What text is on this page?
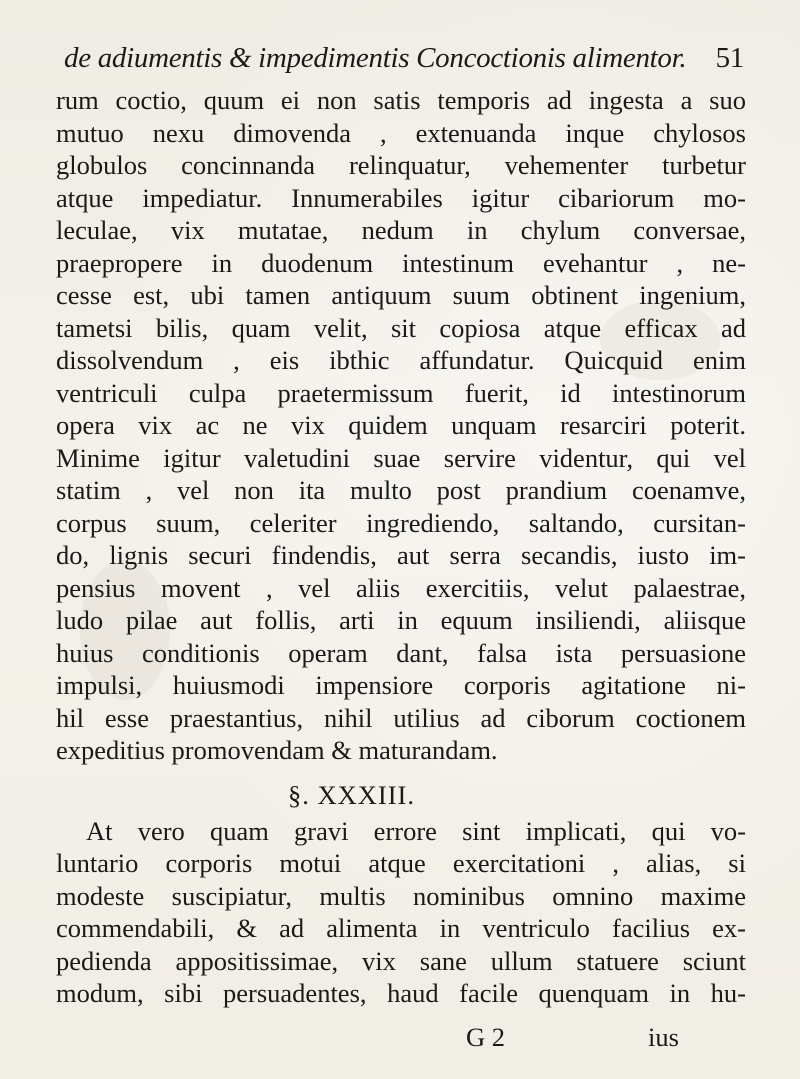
de adiumentis & impedimentis Concoctionis alimentor. 51
rum coctio, quum ei non satis temporis ad ingesta a suo
mutuo nexu dimovenda , extenuanda inque chylosos
globulos concinnanda relinquatur, vehementer turbetur
atque impediatur. Innumerabiles igitur cibariorum mo-
leculae, vix mutatae, nedum in chylum conversae,
praepropere in duodenum intestinum evehantur , ne-
cesse est, ubi tamen antiquum suum obtinent ingenium,
tametsi bilis, quam velit, sit copiosa atque efficax ad
dissolvendum , eis ibthic affundatur. Quicquid enim
ventriculi culpa praetermissum fuerit, id intestinorum
opera vix ac ne vix quidem unquam resarciri poterit.
Minime igitur valetudini suae servire videntur, qui vel
statim , vel non ita multo post prandium coenamve,
corpus suum, celeriter ingrediendo, saltando, cursitan-
do, lignis securi findendis, aut serra secandis, iusto im-
pensius movent , vel aliis exercitiis, velut palaestrae,
ludo pilae aut follis, arti in equum insiliendi, aliisque
huius conditionis operam dant, falsa ista persuasione
impulsi, huiusmodi impensiore corporis agitatione ni-
hil esse praestantius, nihil utilius ad ciborum coctionem
expeditius promovendam & maturandam.
§. XXXIII.
At vero quam gravi errore sint implicati, qui vo-
luntario corporis motui atque exercitationi , alias, si
modeste suscipiatur, multis nominibus omnino maxime
commendabili, & ad alimenta in ventriculo facilius ex-
pedienda appositissimae, vix sane ullum statuere sciunt
modum, sibi persuadentes, haud facile quenquam in hu-
G 2	ius
